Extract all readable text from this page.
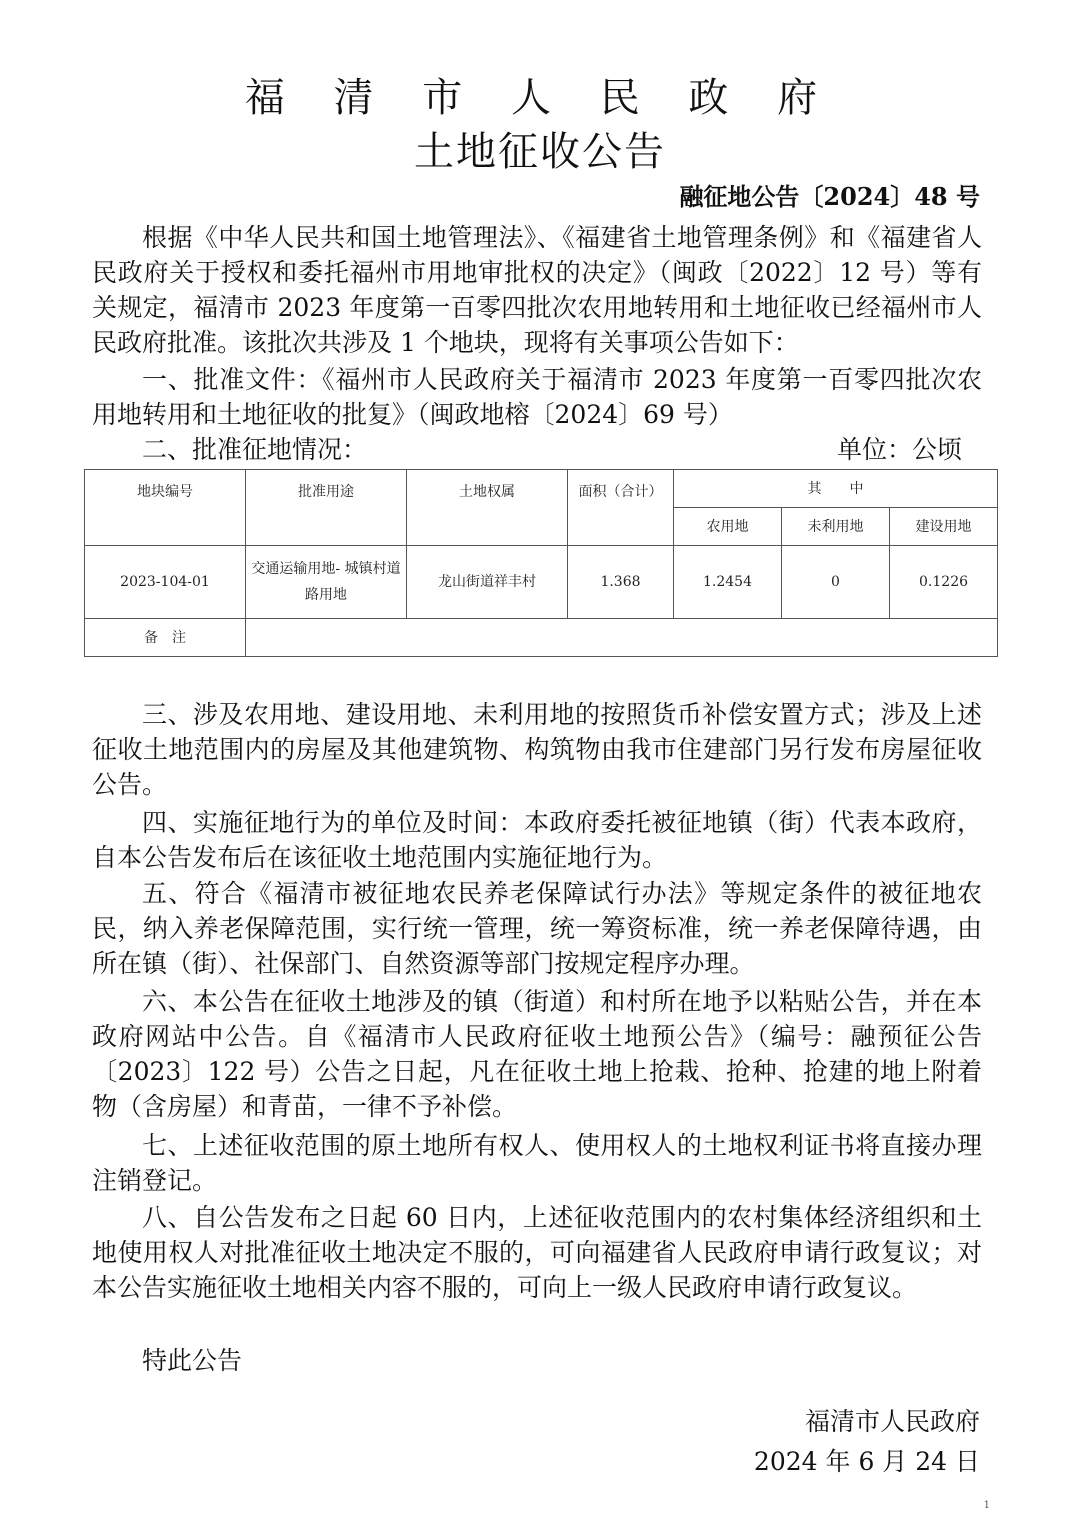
福 清 市 人 民 政 府
土地征收公告
融征地公告〔2024〕48 号

根据《中华人民共和国土地管理法》、《福建省土地管理条例》和《福建省人民政府关于授权和委托福州市用地审批权的决定》（闽政〔2022〕12 号）等有关规定，福清市 2023 年度第一百零四批次农用地转用和土地征收已经福州市人民政府批准。该批次共涉及 1 个地块，现将有关事项公告如下：

一、批准文件：《福州市人民政府关于福清市 2023 年度第一百零四批次农用地转用和土地征收的批复》（闽政地榕〔2024〕69 号）

二、批准征地情况：	单位：公顷
地块编号	批准用途	土地权属	面积（合计）	其　　中		
				农用地	未利用地	建设用地
2023-104-01	交通运输用地- 城镇村道路用地	龙山街道祥丰村	1.368	1.2454	0	0.1226
备　注						

三、涉及农用地、建设用地、未利用地的按照货币补偿安置方式；涉及上述征收土地范围内的房屋及其他建筑物、构筑物由我市住建部门另行发布房屋征收公告。

四、实施征地行为的单位及时间：本政府委托被征地镇（街）代表本政府，自本公告发布后在该征收土地范围内实施征地行为。

五、符合《福清市被征地农民养老保障试行办法》等规定条件的被征地农民，纳入养老保障范围，实行统一管理，统一筹资标准，统一养老保障待遇，由所在镇（街）、社保部门、自然资源等部门按规定程序办理。

六、本公告在征收土地涉及的镇（街道）和村所在地予以粘贴公告，并在本政府网站中公告。自《福清市人民政府征收土地预公告》（编号：融预征公告〔2023〕122 号）公告之日起，凡在征收土地上抢栽、抢种、抢建的地上附着物（含房屋）和青苗，一律不予补偿。

七、上述征收范围的原土地所有权人、使用权人的土地权利证书将直接办理注销登记。

八、自公告发布之日起 60 日内，上述征收范围内的农村集体经济组织和土地使用权人对批准征收土地决定不服的，可向福建省人民政府申请行政复议；对本公告实施征收土地相关内容不服的，可向上一级人民政府申请行政复议。

特此公告

福清市人民政府
2024 年 6 月 24 日
1
